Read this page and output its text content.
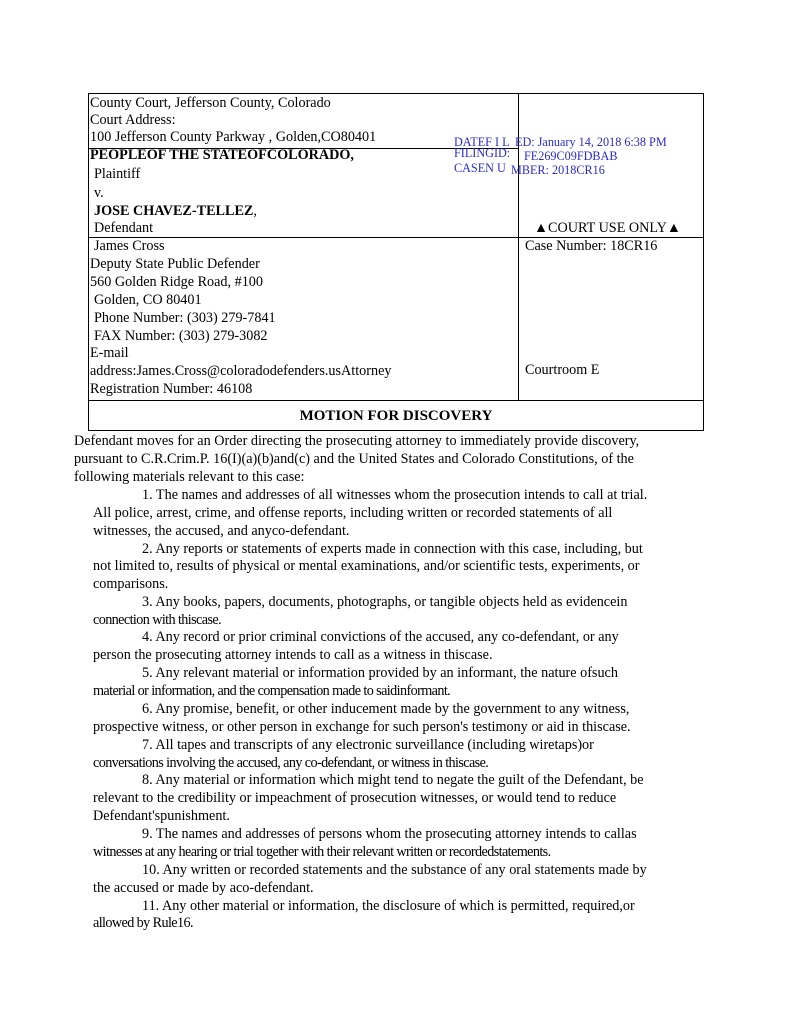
County Court, Jefferson County, Colorado
Court Address:
100 Jefferson County Parkway , Golden,CO80401
PEOPLEOF THE STATEOFCOLORADO,
Plaintiff
v.
JOSE CHAVEZ-TELLEZ,
Defendant	▲COURT USE ONLY▲
James Cross
Deputy State Public Defender
560 Golden Ridge Road, #100
Golden, CO 80401
Phone Number: (303) 279-7841
FAX Number: (303) 279-3082
E-mail
address:James.Cross@coloradodefenders.usAttorney
Registration Number: 46108
Case Number: 18CR16
Courtroom E
DATEF I L ED: January 14, 2018 6:38 PM
FILINGID: FE269C09FDBAB
CASEN U MBER: 2018CR16
MOTION FOR DISCOVERY
Defendant moves for an Order directing the prosecuting attorney to immediately provide discovery,
pursuant to C.R.Crim.P. 16(I)(a)(b)and(c) and the United States and Colorado Constitutions, of the
following materials relevant to this case:
1. The names and addresses of all witnesses whom the prosecution intends to call at trial.
All police, arrest, crime, and offense reports, including written or recorded statements of all
witnesses, the accused, and anyco-defendant.
2. Any reports or statements of experts made in connection with this case, including, but
not limited to, results of physical or mental examinations, and/or scientific tests, experiments, or
comparisons.
3. Any books, papers, documents, photographs, or tangible objects held as evidencein
connection with thiscase.
4. Any record or prior criminal convictions of the accused, any co-defendant, or any
person the prosecuting attorney intends to call as a witness in thiscase.
5. Any relevant material or information provided by an informant, the nature ofsuch
material or information, and the compensation made to saidinformant.
6. Any promise, benefit, or other inducement made by the government to any witness,
prospective witness, or other person in exchange for such person's testimony or aid in thiscase.
7. All tapes and transcripts of any electronic surveillance (including wiretaps)or
conversations involving the accused, any co-defendant, or witness in thiscase.
8. Any material or information which might tend to negate the guilt of the Defendant, be
relevant to the credibility or impeachment of prosecution witnesses, or would tend to reduce
Defendant'spunishment.
9. The names and addresses of persons whom the prosecuting attorney intends to callas
witnesses at any hearing or trial together with their relevant written or recordedstatements.
10. Any written or recorded statements and the substance of any oral statements made by
the accused or made by aco-defendant.
11. Any other material or information, the disclosure of which is permitted, required,or
allowed by Rule16.
